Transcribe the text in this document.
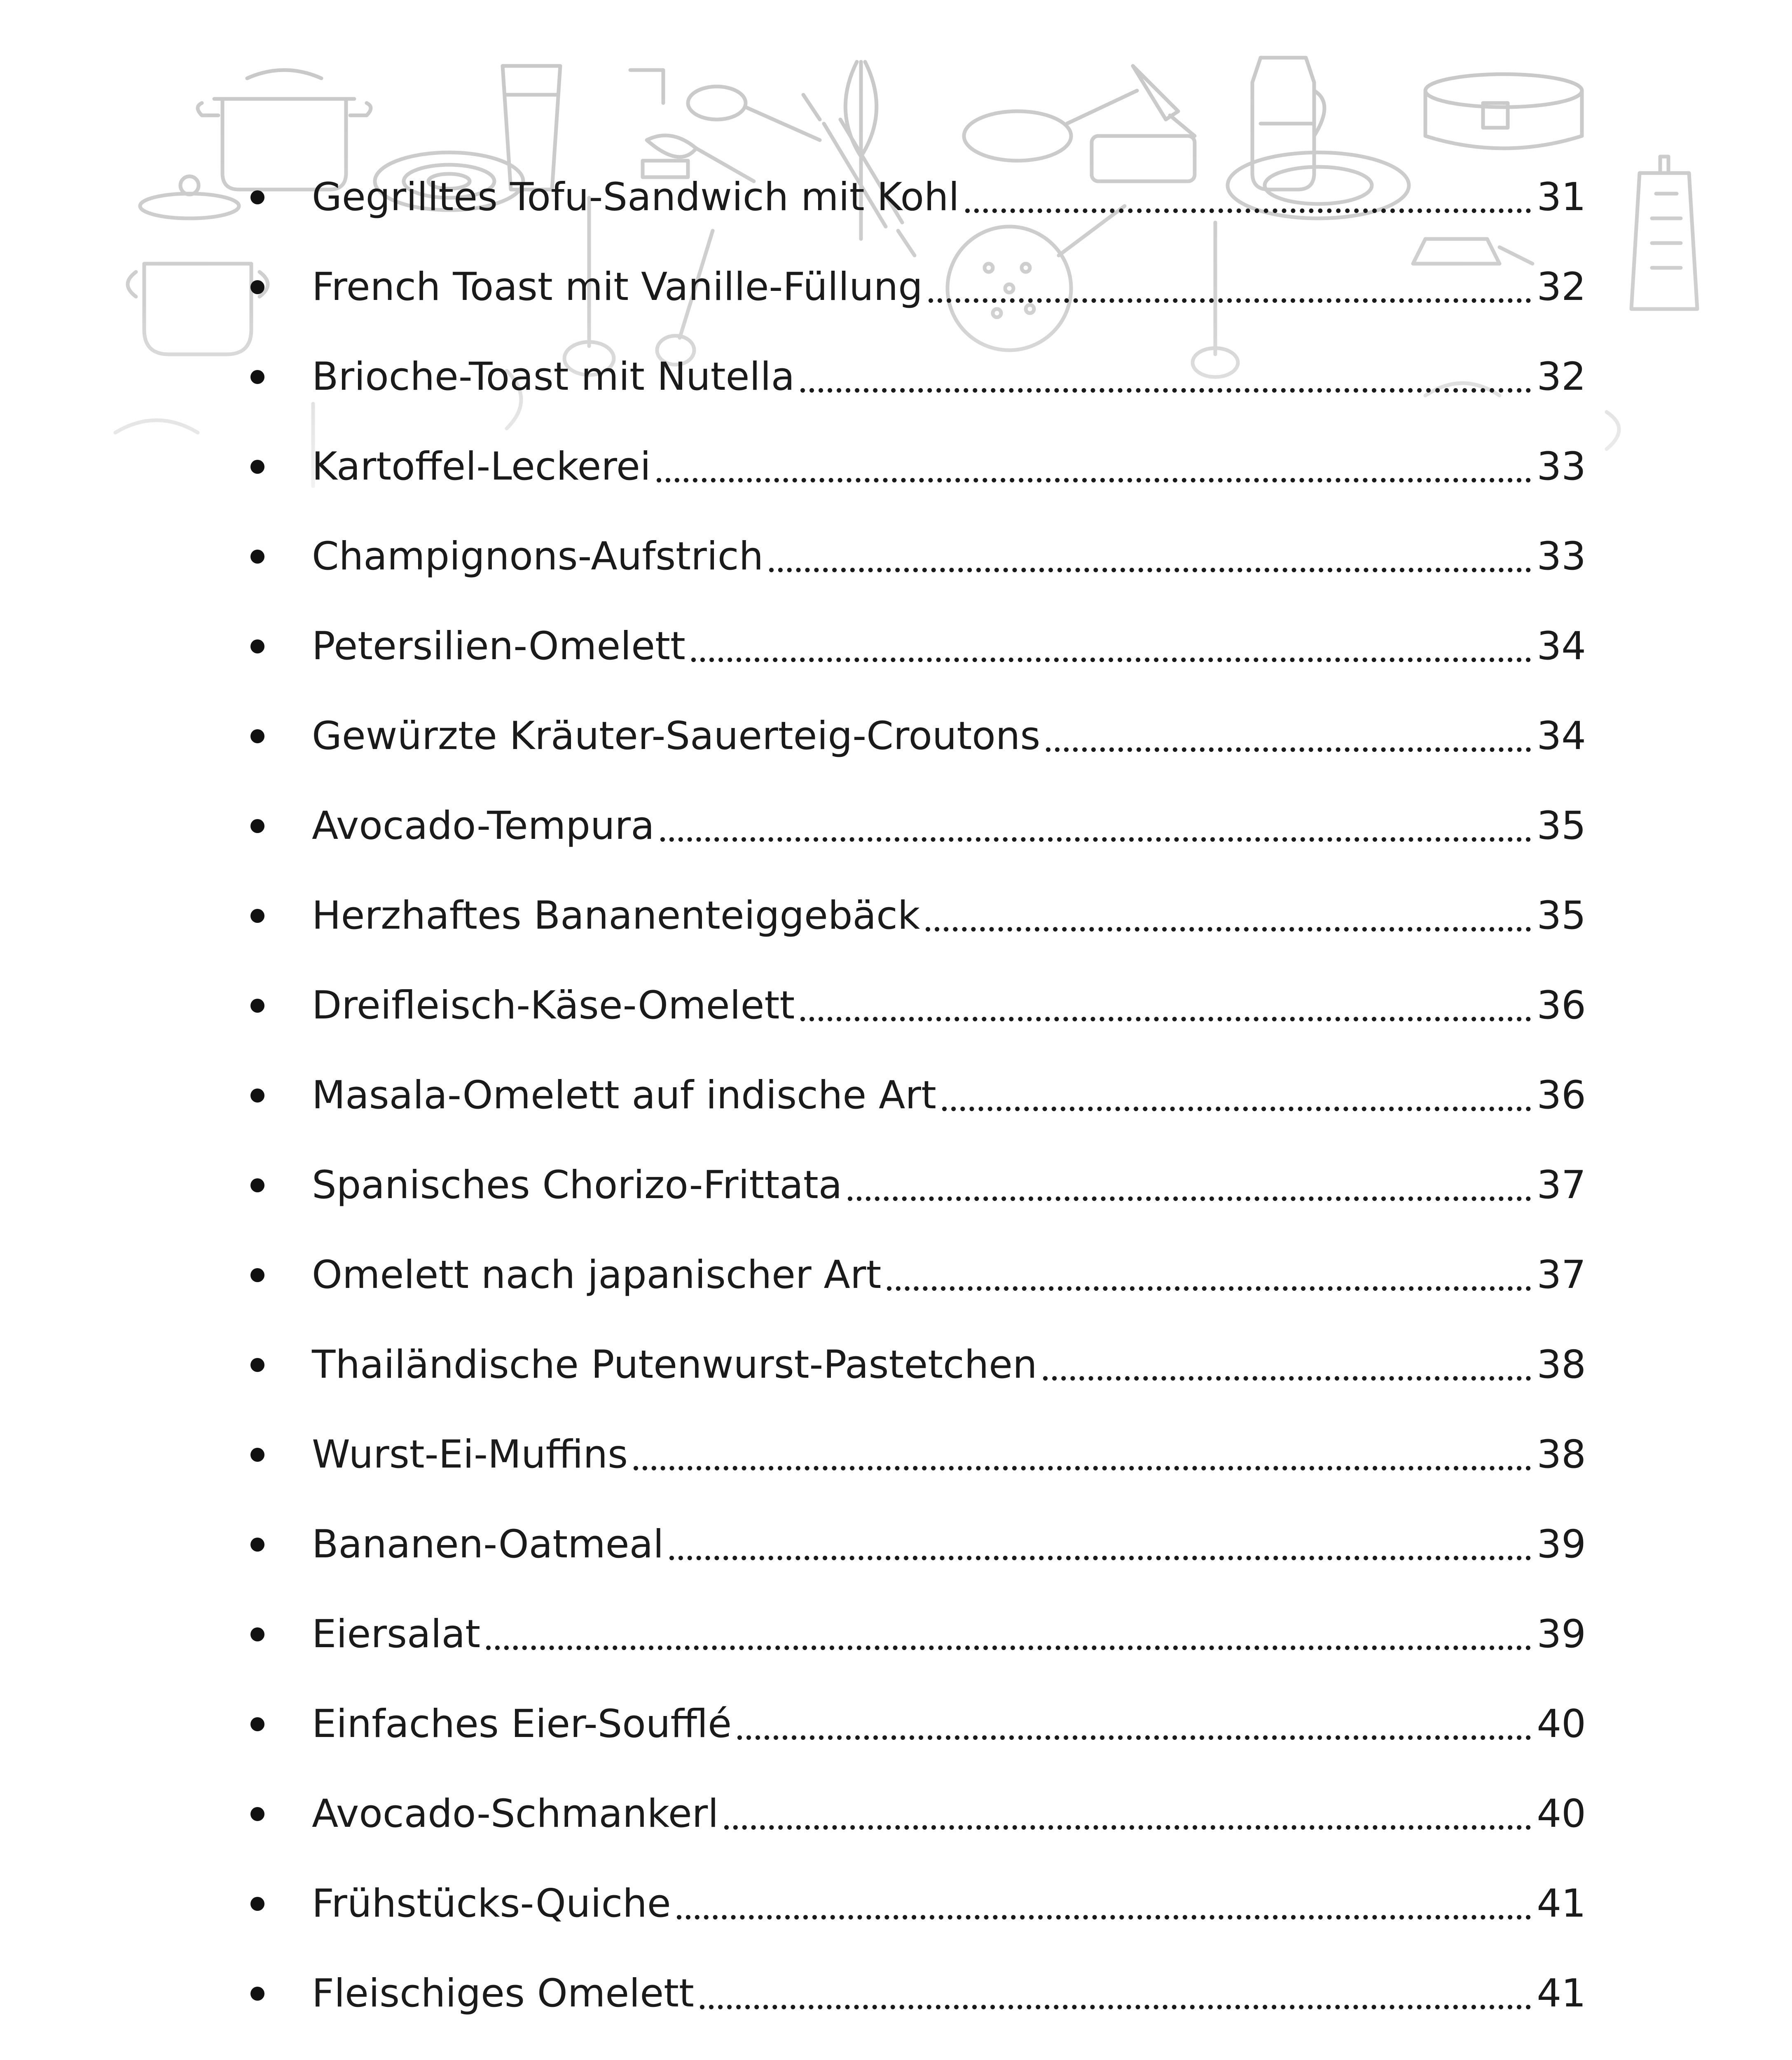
Gegrilltes Tofu-Sandwich mit Kohl	31
French Toast mit Vanille-Füllung	32
Brioche-Toast mit Nutella	32
Kartoffel-Leckerei	33
Champignons-Aufstrich	33
Petersilien-Omelett	34
Gewürzte Kräuter-Sauerteig-Croutons	34
Avocado-Tempura	35
Herzhaftes Bananenteiggebäck	35
Dreifleisch-Käse-Omelett	36
Masala-Omelett auf indische Art	36
Spanisches Chorizo-Frittata	37
Omelett nach japanischer Art	37
Thailändische Putenwurst-Pastetchen	38
Wurst-Ei-Muffins	38
Bananen-Oatmeal	39
Eiersalat	39
Einfaches Eier-Soufflé	40
Avocado-Schmankerl	40
Frühstücks-Quiche	41
Fleischiges Omelett	41
